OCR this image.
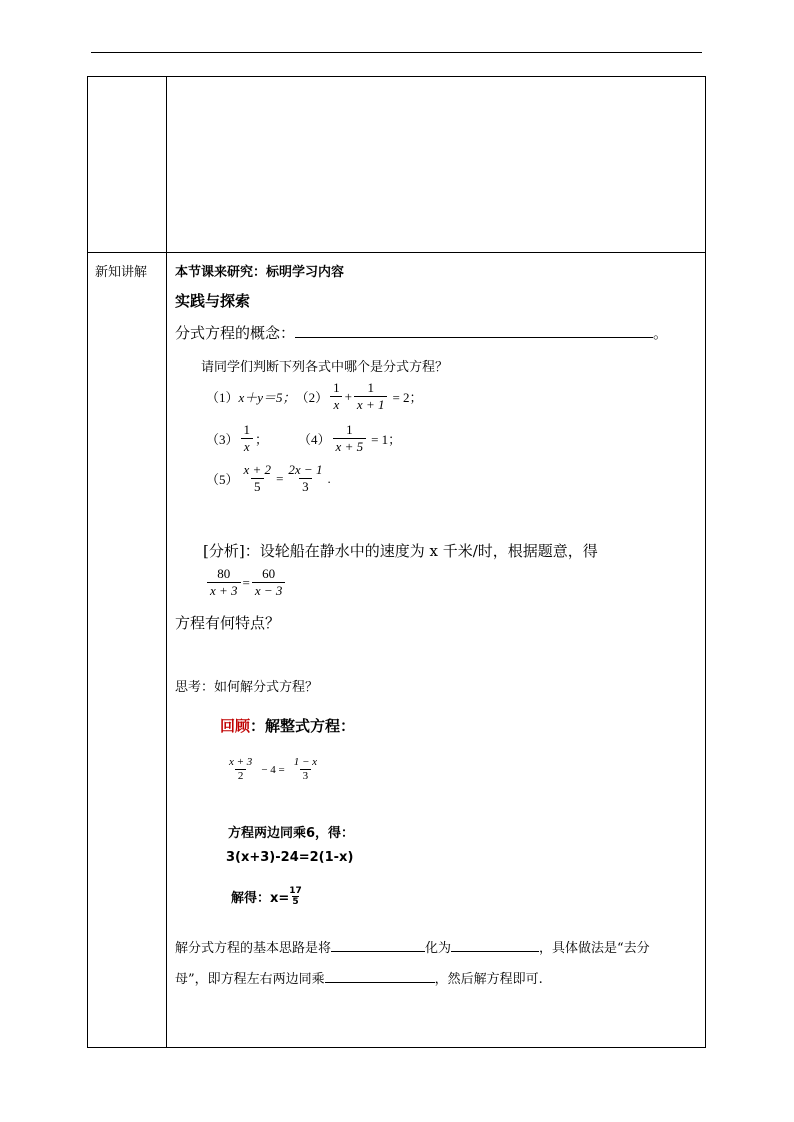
新知讲解 本节课来研究：标明学习内容
实践与探索
分式方程的概念：	。
请同学们判断下列各式中哪个是分式方程？
（1） x＋y＝5； $(2) \frac{1}{x} + \frac{1}{x + 1} = 2$；
$(3) \frac{1}{x}$ ； $(4) \frac{1}{x + 5} = 1$；
$(5) \frac{x + 2}{5} = \frac{2x - 1}{3}$ .
[分析]：设轮船在静水中的速度为 x 千米/时，根据题意，得
$\frac{80}{x + 3} = \frac{60}{x - 3}$
方程有何特点？
思考：如何解分式方程？
回顾：解整式方程：
$\frac{x + 3}{2} - 4 = \frac{1 - x}{3}$
方程两边同乘6，得：
3(x+3)-24=2(1-x)
解得：$x= \frac{17}{5}$
解分式方程的基本思路是将	化为	，具体做法是“去分
母”，即方程左右两边同乘	，然后解方程即可.
